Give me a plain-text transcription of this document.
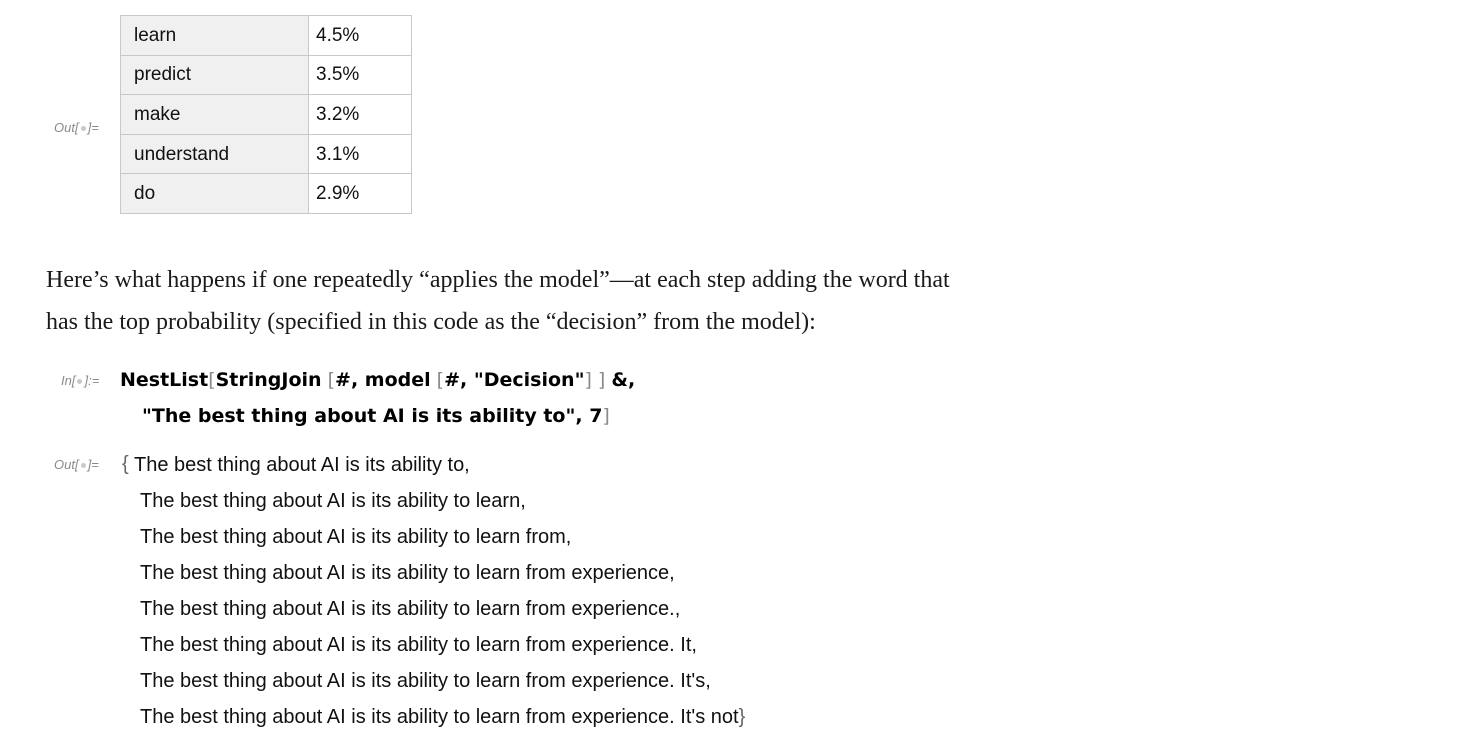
Out[ ]=
learn	4.5%
predict	3.5%
make	3.2%
understand	3.1%
do	2.9%
Here’s what happens if one repeatedly “applies the model”—at each step adding the word that
has the top probability (specified in this code as the “decision” from the model):
In[ ]:= NestList[StringJoin [#, model [#, "Decision"] ] &,
"The best thing about AI is its ability to", 7]
Out[ ]= { The best thing about AI is its ability to,
The best thing about AI is its ability to learn,
The best thing about AI is its ability to learn from,
The best thing about AI is its ability to learn from experience,
The best thing about AI is its ability to learn from experience.,
The best thing about AI is its ability to learn from experience. It,
The best thing about AI is its ability to learn from experience. It's,
The best thing about AI is its ability to learn from experience. It's not}
